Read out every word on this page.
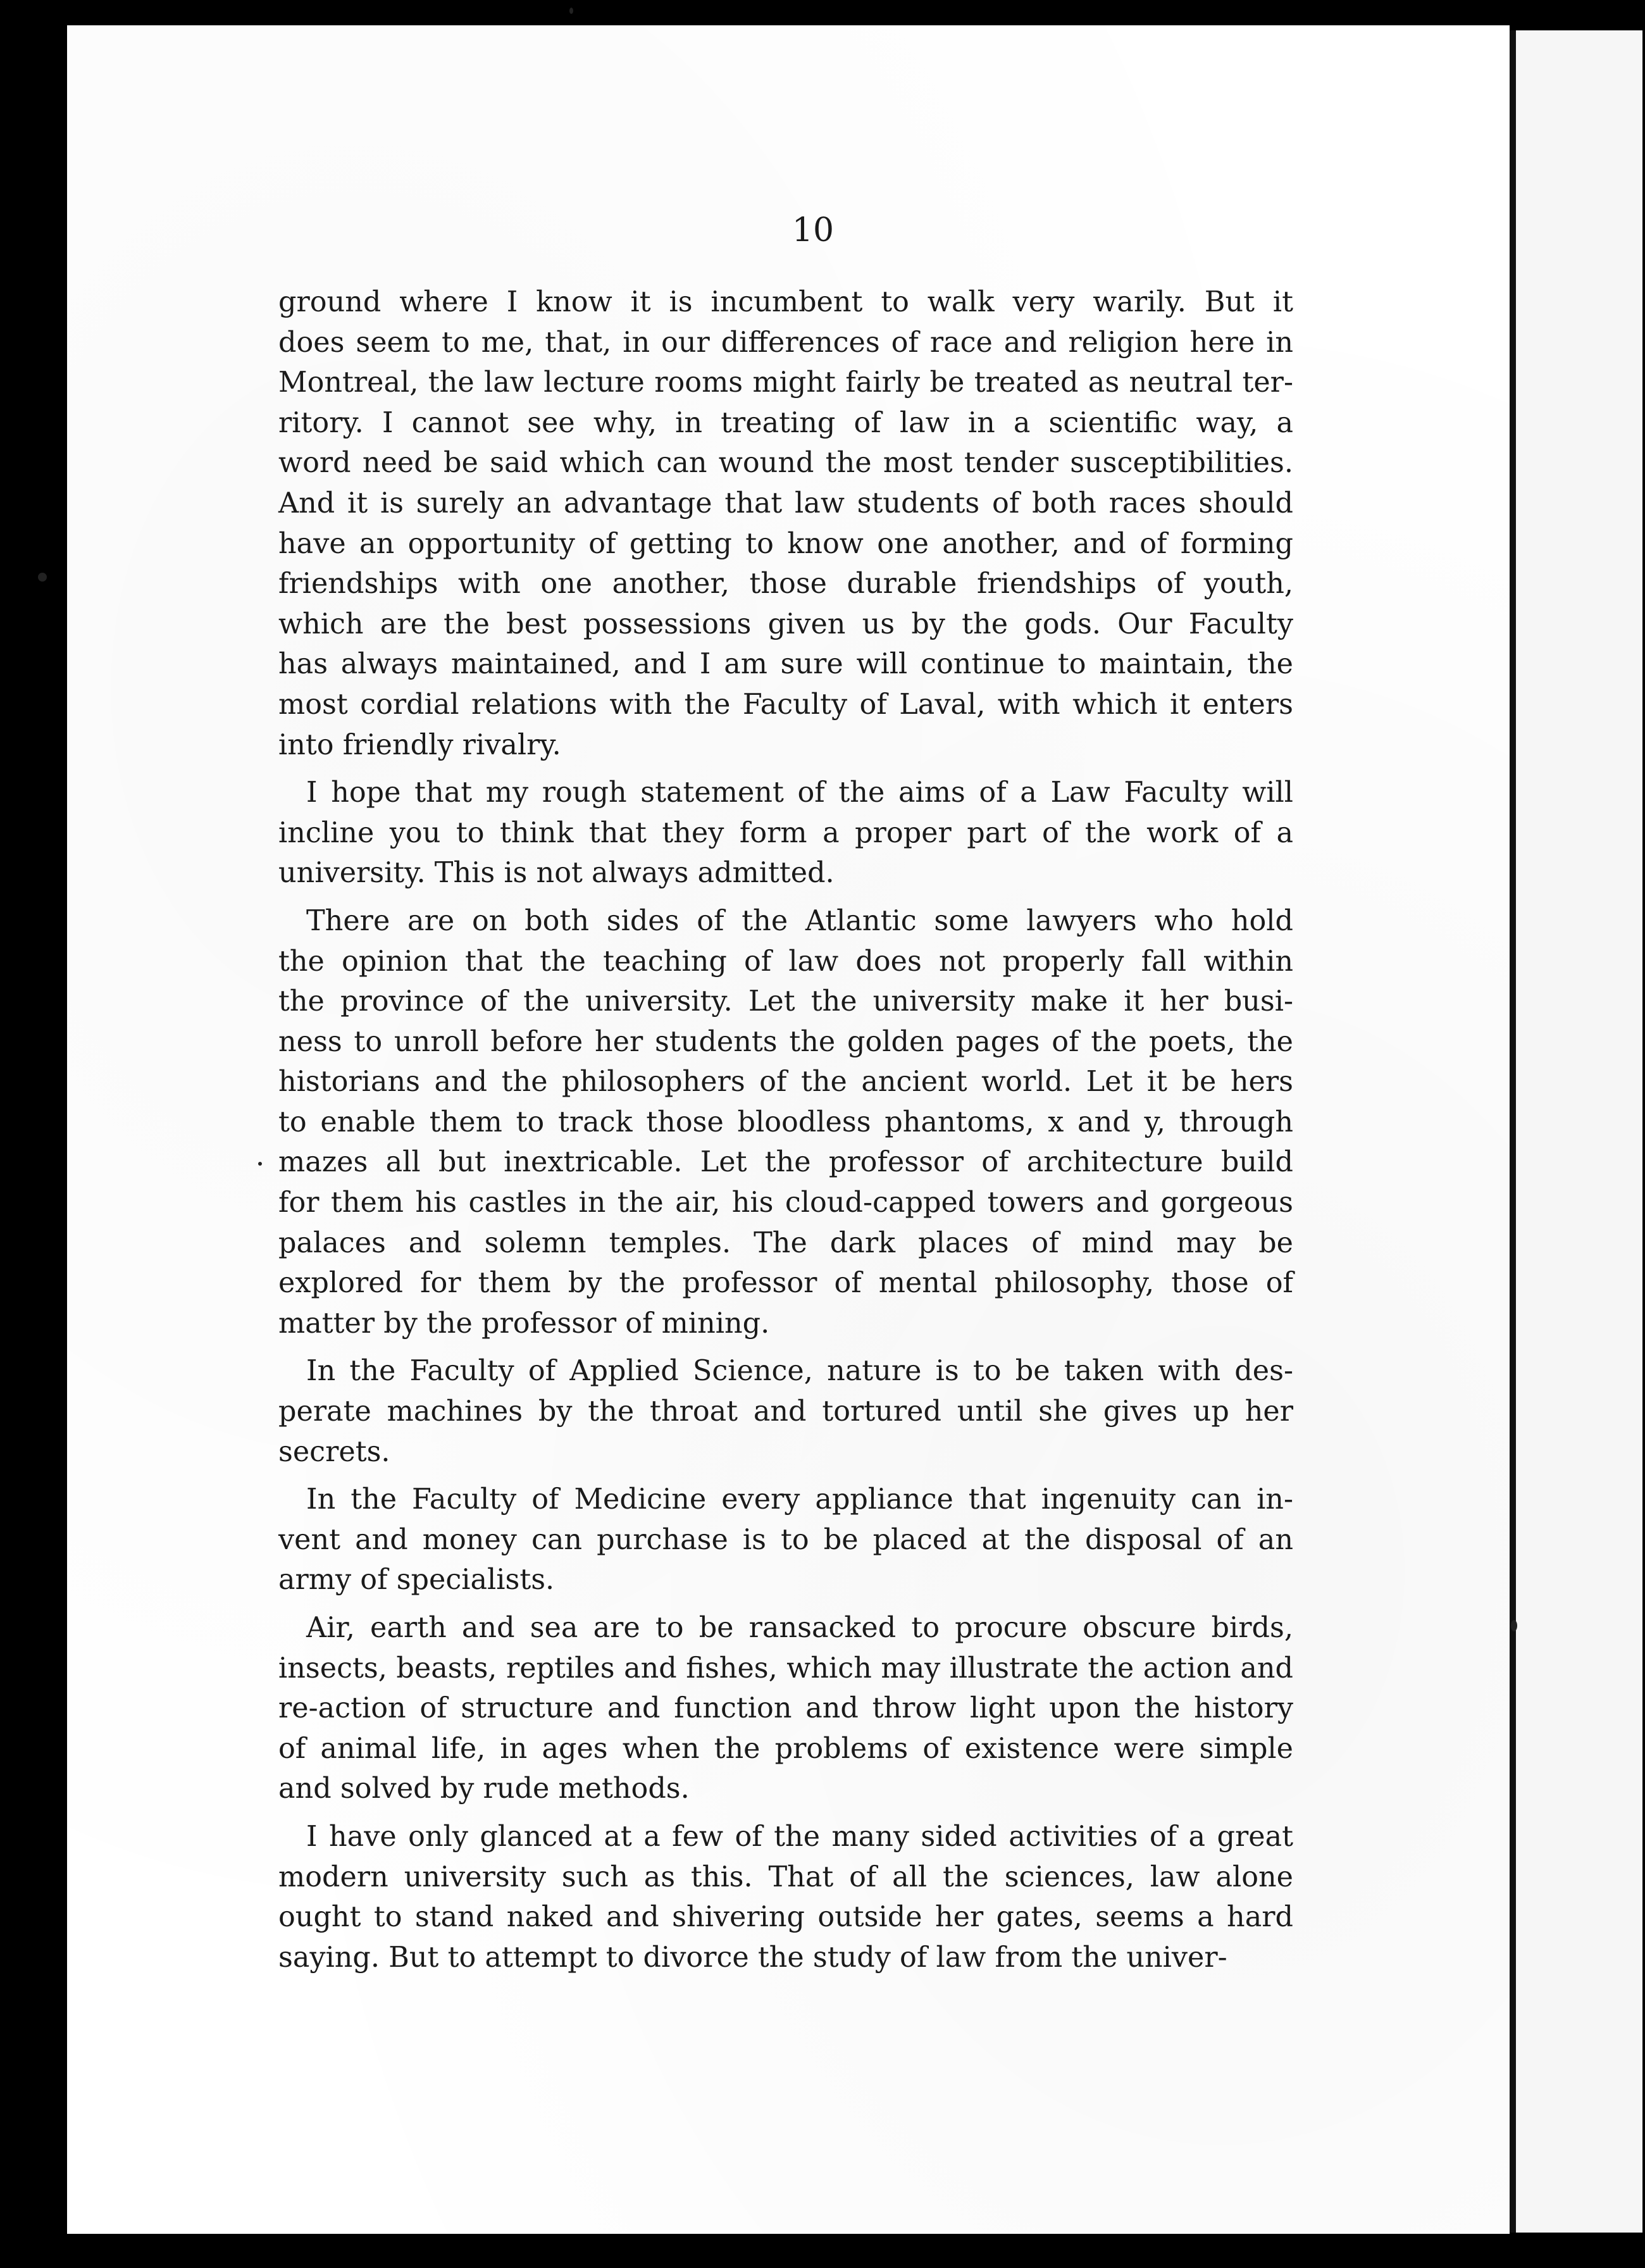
10
ground where I know it is incumbent to walk very warily. But it
does seem to me, that, in our differences of race and religion here in
Montreal, the law lecture rooms might fairly be treated as neutral ter-
ritory. I cannot see why, in treating of law in a scientific way, a
word need be said which can wound the most tender susceptibilities.
And it is surely an advantage that law students of both races should
have an opportunity of getting to know one another, and of forming
friendships with one another, those durable friendships of youth,
which are the best possessions given us by the gods. Our Faculty
has always maintained, and I am sure will continue to maintain, the
most cordial relations with the Faculty of Laval, with which it enters
into friendly rivalry.
I hope that my rough statement of the aims of a Law Faculty will
incline you to think that they form a proper part of the work of a
university. This is not always admitted.
There are on both sides of the Atlantic some lawyers who hold
the opinion that the teaching of law does not properly fall within
the province of the university. Let the university make it her busi-
ness to unroll before her students the golden pages of the poets, the
historians and the philosophers of the ancient world. Let it be hers
to enable them to track those bloodless phantoms, x and y, through
mazes all but inextricable. Let the professor of architecture build
for them his castles in the air, his cloud-capped towers and gorgeous
palaces and solemn temples. The dark places of mind may be
explored for them by the professor of mental philosophy, those of
matter by the professor of mining.
In the Faculty of Applied Science, nature is to be taken with des-
perate machines by the throat and tortured until she gives up her
secrets.
In the Faculty of Medicine every appliance that ingenuity can in-
vent and money can purchase is to be placed at the disposal of an
army of specialists.
Air, earth and sea are to be ransacked to procure obscure birds,
insects, beasts, reptiles and fishes, which may illustrate the action and
re-action of structure and function and throw light upon the history
of animal life, in ages when the problems of existence were simple
and solved by rude methods.
I have only glanced at a few of the many sided activities of a great
modern university such as this. That of all the sciences, law alone
ought to stand naked and shivering outside her gates, seems a hard
saying. But to attempt to divorce the study of law from the univer-
